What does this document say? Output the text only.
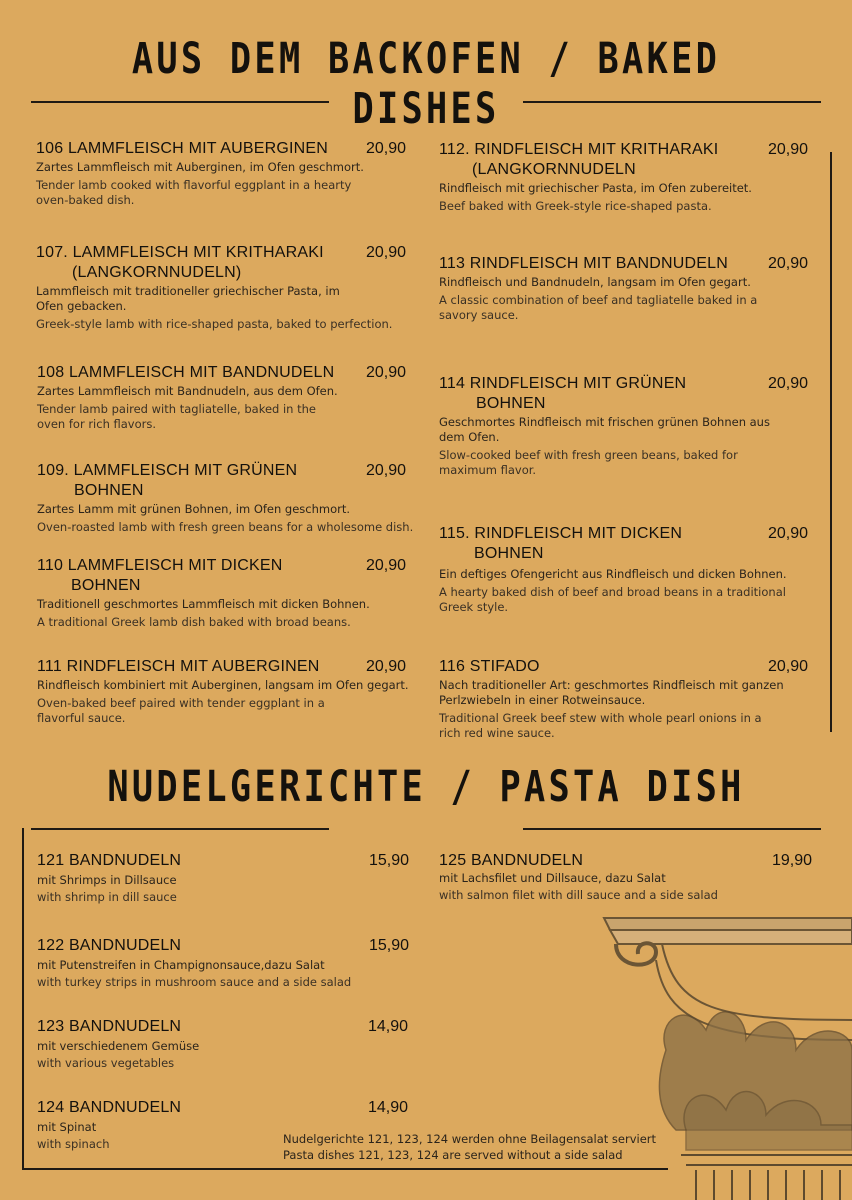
AUS DEM BACKOFEN / BAKED DISHES
106 LAMMFLEISCH MIT AUBERGINEN	20,90
Zartes Lammfleisch mit Auberginen, im Ofen geschmort.
Tender lamb cooked with flavorful eggplant in a hearty oven-baked dish.
107. LAMMFLEISCH MIT KRITHARAKI
(LANGKORNNUDELN)
20,90
Lammfleisch mit traditioneller griechischer Pasta, im Ofen gebacken.
Greek-style lamb with rice-shaped pasta, baked to perfection.
108 LAMMFLEISCH MIT BANDNUDELN	20,90
Zartes Lammfleisch mit Bandnudeln, aus dem Ofen.
Tender lamb paired with tagliatelle, baked in the oven for rich flavors.
109. LAMMFLEISCH MIT GRÜNEN
BOHNEN
20,90
Zartes Lamm mit grünen Bohnen, im Ofen geschmort.
Oven-roasted lamb with fresh green beans for a wholesome dish.
110 LAMMFLEISCH MIT DICKEN
BOHNEN
20,90
Traditionell geschmortes Lammfleisch mit dicken Bohnen.
A traditional Greek lamb dish baked with broad beans.
111 RINDFLEISCH MIT AUBERGINEN	20,90
Rindfleisch kombiniert mit Auberginen, langsam im Ofen gegart.
Oven-baked beef paired with tender eggplant in a flavorful sauce.
112. RINDFLEISCH MIT KRITHARAKI
(LANGKORNNUDELN
20,90
Rindfleisch mit griechischer Pasta, im Ofen zubereitet.
Beef baked with Greek-style rice-shaped pasta.
113 RINDFLEISCH MIT BANDNUDELN	20,90
Rindfleisch und Bandnudeln, langsam im Ofen gegart.
A classic combination of beef and tagliatelle baked in a savory sauce.
114 RINDFLEISCH MIT GRÜNEN
BOHNEN
20,90
Geschmortes Rindfleisch mit frischen grünen Bohnen aus dem Ofen.
Slow-cooked beef with fresh green beans, baked for maximum flavor.
115. RINDFLEISCH MIT DICKEN
BOHNEN
20,90
Ein deftiges Ofengericht aus Rindfleisch und dicken Bohnen.
A hearty baked dish of beef and broad beans in a traditional Greek style.
116 STIFADO	20,90
Nach traditioneller Art: geschmortes Rindfleisch mit ganzen Perlzwiebeln in einer Rotweinsauce.
Traditional Greek beef stew with whole pearl onions in a rich red wine sauce.
NUDELGERICHTE / PASTA DISH
121 BANDNUDELN	15,90
mit Shrimps in Dillsauce
with shrimp in dill sauce
122 BANDNUDELN	15,90
mit Putenstreifen in Champignonsauce,dazu Salat
with turkey strips in mushroom sauce and a side salad
123 BANDNUDELN	14,90
mit verschiedenem Gemüse
with various vegetables
124 BANDNUDELN	14,90
mit Spinat
with spinach
125 BANDNUDELN	19,90
mit Lachsfilet und Dillsauce, dazu Salat
with salmon filet with dill sauce and a side salad
Nudelgerichte 121, 123, 124 werden ohne Beilagensalat serviert
Pasta dishes 121, 123, 124 are served without a side salad
